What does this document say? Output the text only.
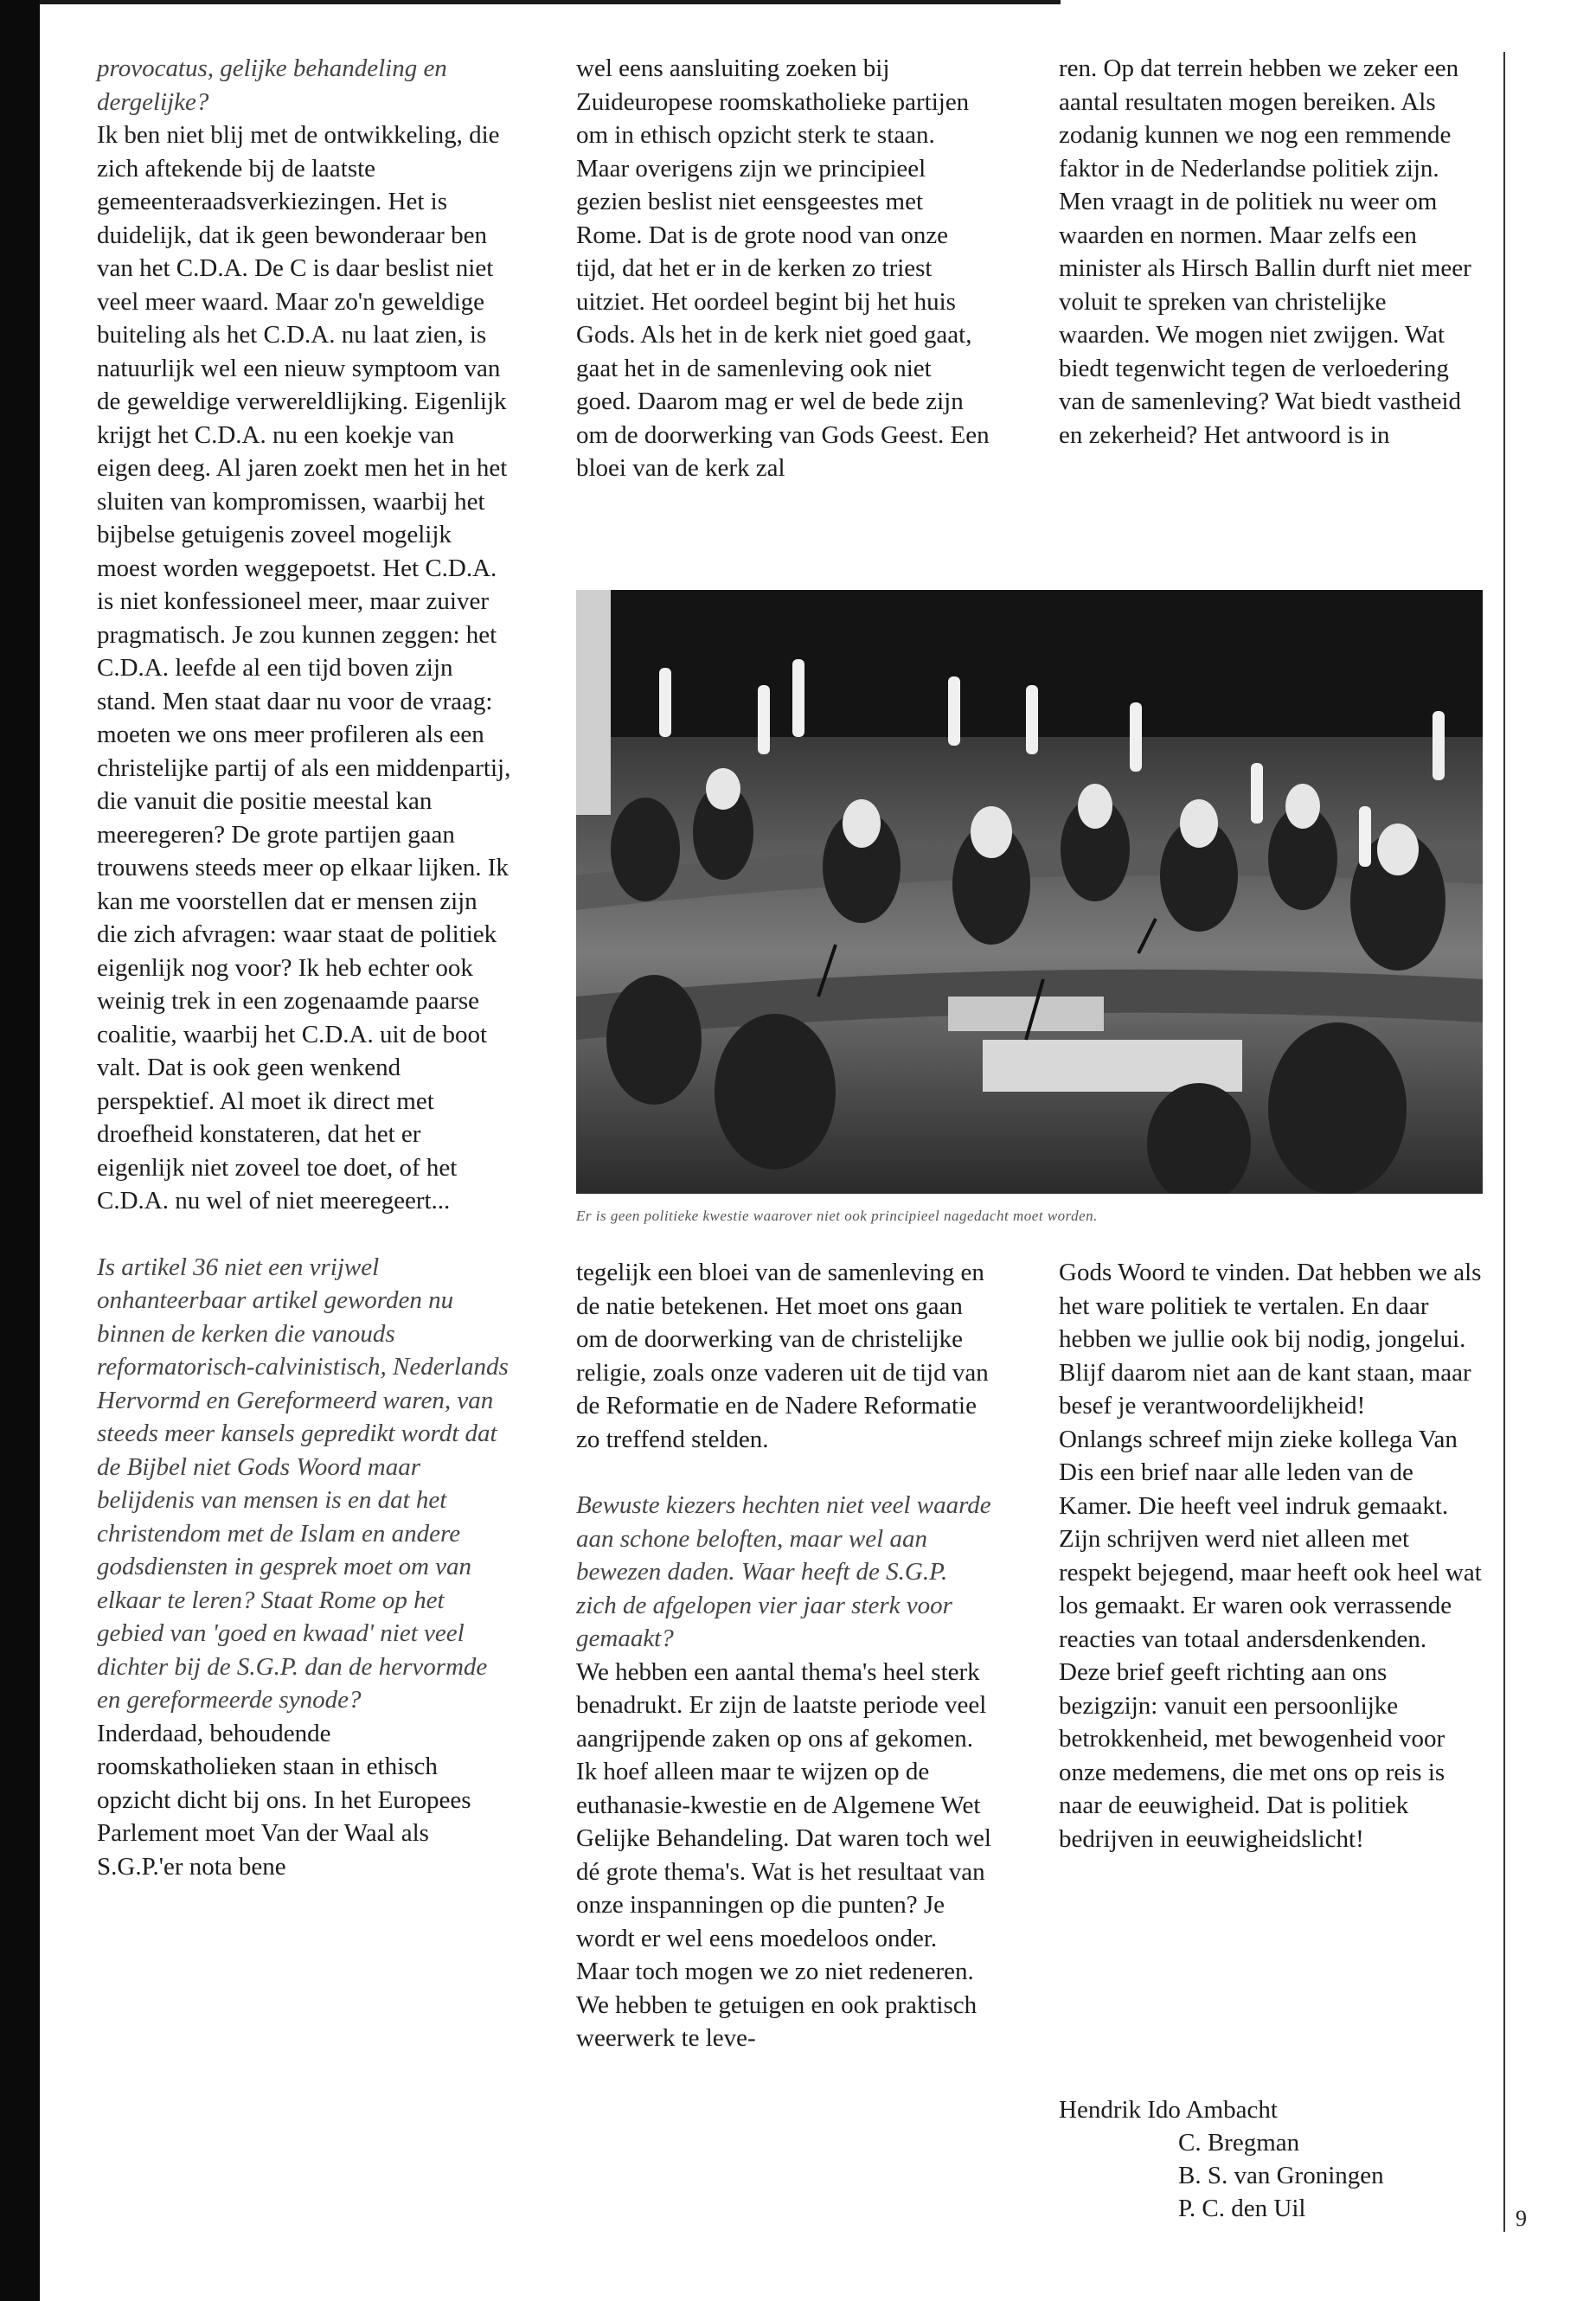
provocatus, gelijke behandeling en dergelijke?

Ik ben niet blij met de ontwikkeling, die zich aftekende bij de laatste gemeenteraadsverkiezingen. Het is duidelijk, dat ik geen bewonderaar ben van het C.D.A. De C is daar beslist niet veel meer waard. Maar zo'n geweldige buiteling als het C.D.A. nu laat zien, is natuurlijk wel een nieuw symptoom van de geweldige verwereldlijking. Eigenlijk krijgt het C.D.A. nu een koekje van eigen deeg. Al jaren zoekt men het in het sluiten van kompromissen, waarbij het bijbelse getuigenis zoveel mogelijk moest worden weggepoetst. Het C.D.A. is niet konfessioneel meer, maar zuiver pragmatisch. Je zou kunnen zeggen: het C.D.A. leefde al een tijd boven zijn stand. Men staat daar nu voor de vraag: moeten we ons meer profileren als een christelijke partij of als een middenpartij, die vanuit die positie meestal kan meeregeren? De grote partijen gaan trouwens steeds meer op elkaar lijken. Ik kan me voorstellen dat er mensen zijn die zich afvragen: waar staat de politiek eigenlijk nog voor? Ik heb echter ook weinig trek in een zogenaamde paarse coalitie, waarbij het C.D.A. uit de boot valt. Dat is ook geen wenkend perspektief. Al moet ik direct met droefheid konstateren, dat het er eigenlijk niet zoveel toe doet, of het C.D.A. nu wel of niet meeregeert...

Is artikel 36 niet een vrijwel onhanteerbaar artikel geworden nu binnen de kerken die vanouds reformatorisch-calvinistisch, Nederlands Hervormd en Gereformeerd waren, van steeds meer kansels gepredikt wordt dat de Bijbel niet Gods Woord maar belijdenis van mensen is en dat het christendom met de Islam en andere godsdiensten in gesprek moet om van elkaar te leren? Staat Rome op het gebied van 'goed en kwaad' niet veel dichter bij de S.G.P. dan de hervormde en gereformeerde synode?

Inderdaad, behoudende roomskatholieken staan in ethisch opzicht dicht bij ons. In het Europees Parlement moet Van der Waal als S.G.P.'er nota bene

wel eens aansluiting zoeken bij Zuideuropese roomskatholieke partijen om in ethisch opzicht sterk te staan. Maar overigens zijn we principieel gezien beslist niet eensgeestes met Rome. Dat is de grote nood van onze tijd, dat het er in de kerken zo triest uitziet. Het oordeel begint bij het huis Gods. Als het in de kerk niet goed gaat, gaat het in de samenleving ook niet goed. Daarom mag er wel de bede zijn om de doorwerking van Gods Geest. Een bloei van de kerk zal

ren. Op dat terrein hebben we zeker een aantal resultaten mogen bereiken. Als zodanig kunnen we nog een remmende faktor in de Nederlandse politiek zijn. Men vraagt in de politiek nu weer om waarden en normen. Maar zelfs een minister als Hirsch Ballin durft niet meer voluit te spreken van christelijke waarden. We mogen niet zwijgen. Wat biedt tegenwicht tegen de verloedering van de samenleving? Wat biedt vastheid en zekerheid? Het antwoord is in

Er is geen politieke kwestie waarover niet ook principieel nagedacht moet worden.

tegelijk een bloei van de samenleving en de natie betekenen. Het moet ons gaan om de doorwerking van de christelijke religie, zoals onze vaderen uit de tijd van de Reformatie en de Nadere Reformatie zo treffend stelden.

Bewuste kiezers hechten niet veel waarde aan schone beloften, maar wel aan bewezen daden. Waar heeft de S.G.P. zich de afgelopen vier jaar sterk voor gemaakt?

We hebben een aantal thema's heel sterk benadrukt. Er zijn de laatste periode veel aangrijpende zaken op ons af gekomen. Ik hoef alleen maar te wijzen op de euthanasie-kwestie en de Algemene Wet Gelijke Behandeling. Dat waren toch wel dé grote thema's. Wat is het resultaat van onze inspanningen op die punten? Je wordt er wel eens moedeloos onder. Maar toch mogen we zo niet redeneren. We hebben te getuigen en ook praktisch weerwerk te leve-

Gods Woord te vinden. Dat hebben we als het ware politiek te vertalen. En daar hebben we jullie ook bij nodig, jongelui. Blijf daarom niet aan de kant staan, maar besef je verantwoordelijkheid!

Onlangs schreef mijn zieke kollega Van Dis een brief naar alle leden van de Kamer. Die heeft veel indruk gemaakt. Zijn schrijven werd niet alleen met respekt bejegend, maar heeft ook heel wat los gemaakt. Er waren ook verrassende reacties van totaal andersdenkenden. Deze brief geeft richting aan ons bezigzijn: vanuit een persoonlijke betrokkenheid, met bewogenheid voor onze medemens, die met ons op reis is naar de eeuwigheid. Dat is politiek bedrijven in eeuwigheidslicht!

Hendrik Ido Ambacht
C. Bregman
B. S. van Groningen
P. C. den Uil	9
